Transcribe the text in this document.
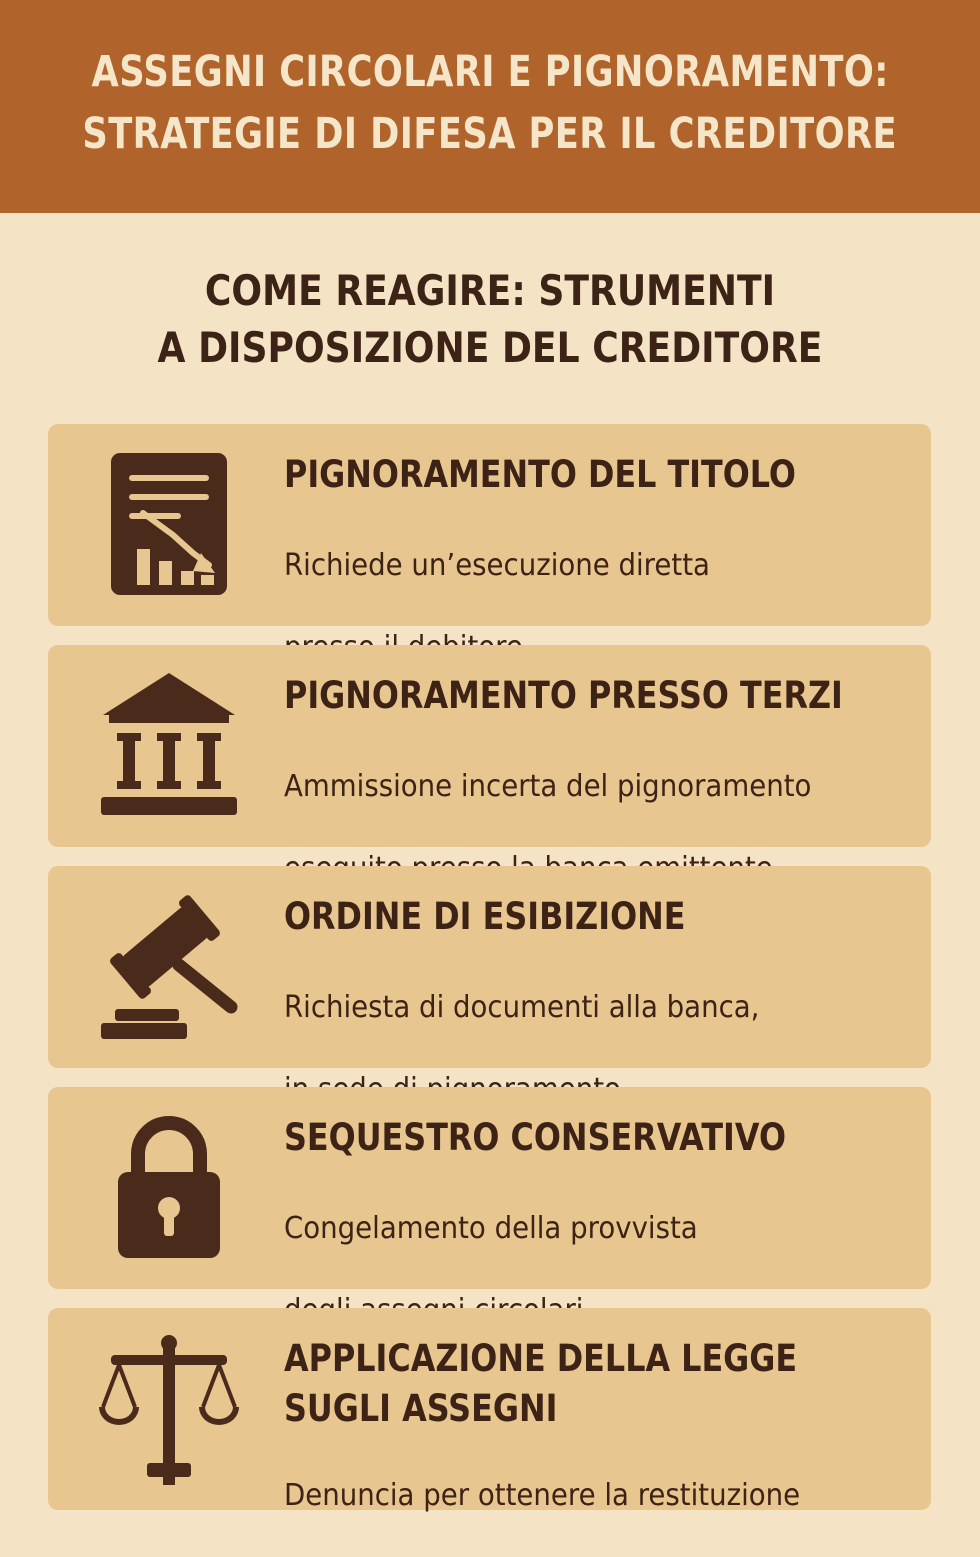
ASSEGNI CIRCOLARI E PIGNORAMENTO:
STRATEGIE DI DIFESA PER IL CREDITORE
COME REAGIRE: STRUMENTI
A DISPOSIZIONE DEL CREDITORE
PIGNORAMENTO DEL TITOLO

Richiede un’esecuzione diretta

PIGNORAMENTO PRESSO TERZI

Ammissione incerta del pignoramento

ORDINE DI ESIBIZIONE

Richiesta di documenti alla banca,

SEQUESTRO CONSERVATIVO

Congelamento della provvista

APPLICAZIONE DELLA LEGGE
SUGLI ASSEGNI

Denuncia per ottenere la restituzione
